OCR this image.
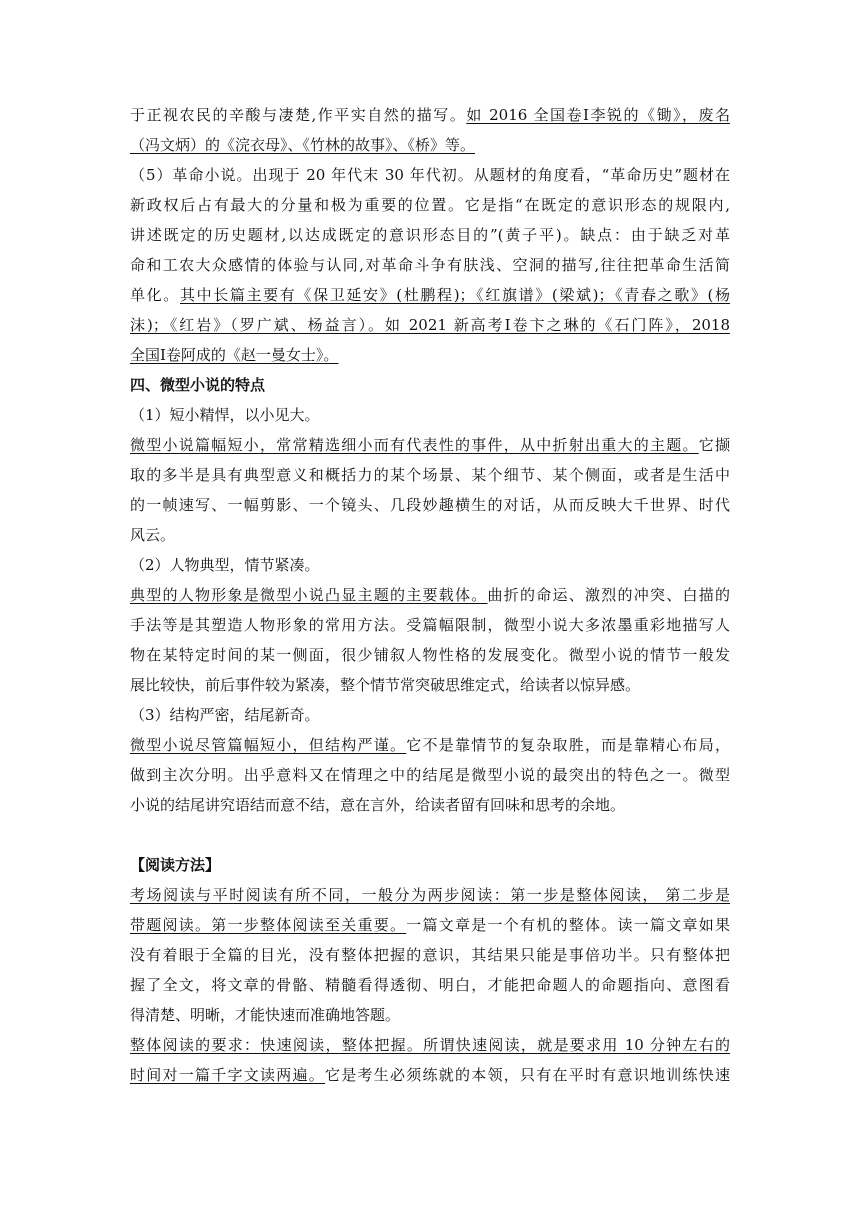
于正视农民的辛酸与凄楚,作平实自然的描写。如 2016 全国卷Ⅰ李锐的《锄》，废名
（冯文炳）的《浣衣母》、《竹林的故事》、《桥》等。
（5）革命小说。出现于 20 年代末 30 年代初。从题材的角度看，“革命历史”题材在
新政权后占有最大的分量和极为重要的位置。它是指“在既定的意识形态的规限内,
讲述既定的历史题材,以达成既定的意识形态目的”(黄子平)。缺点：由于缺乏对革
命和工农大众感情的体验与认同,对革命斗争有肤浅、空洞的描写,往往把革命生活简
单化。其中长篇主要有《保卫延安》(杜鹏程)；《红旗谱》(梁斌)；《青春之歌》(杨
沫)；《红岩》（罗广斌、杨益言）。如 2021 新高考Ⅰ卷卞之琳的《石门阵》，2018
全国Ⅰ卷阿成的《赵一曼女士》。
四、微型小说的特点
（1）短小精悍，以小见大。
微型小说篇幅短小，常常精选细小而有代表性的事件，从中折射出重大的主题。它撷
取的多半是具有典型意义和概括力的某个场景、某个细节、某个侧面，或者是生活中
的一帧速写、一幅剪影、一个镜头、几段妙趣横生的对话，从而反映大千世界、时代
风云。
（2）人物典型，情节紧凑。
典型的人物形象是微型小说凸显主题的主要载体。曲折的命运、激烈的冲突、白描的
手法等是其塑造人物形象的常用方法。受篇幅限制，微型小说大多浓墨重彩地描写人
物在某特定时间的某一侧面，很少铺叙人物性格的发展变化。微型小说的情节一般发
展比较快，前后事件较为紧凑，整个情节常突破思维定式，给读者以惊异感。
（3）结构严密，结尾新奇。
微型小说尽管篇幅短小，但结构严谨。它不是靠情节的复杂取胜，而是靠精心布局，
做到主次分明。出乎意料又在情理之中的结尾是微型小说的最突出的特色之一。微型
小说的结尾讲究语结而意不结，意在言外，给读者留有回味和思考的余地。
【阅读方法】
考场阅读与平时阅读有所不同，一般分为两步阅读：第一步是整体阅读， 第二步是
带题阅读。第一步整体阅读至关重要。一篇文章是一个有机的整体。读一篇文章如果
没有着眼于全篇的目光，没有整体把握的意识，其结果只能是事倍功半。只有整体把
握了全文，将文章的骨骼、精髓看得透彻、明白，才能把命题人的命题指向、意图看
得清楚、明晰，才能快速而准确地答题。
整体阅读的要求：快速阅读，整体把握。所谓快速阅读，就是要求用 10 分钟左右的
时间对一篇千字文读两遍。它是考生必须练就的本领，只有在平时有意识地训练快速
